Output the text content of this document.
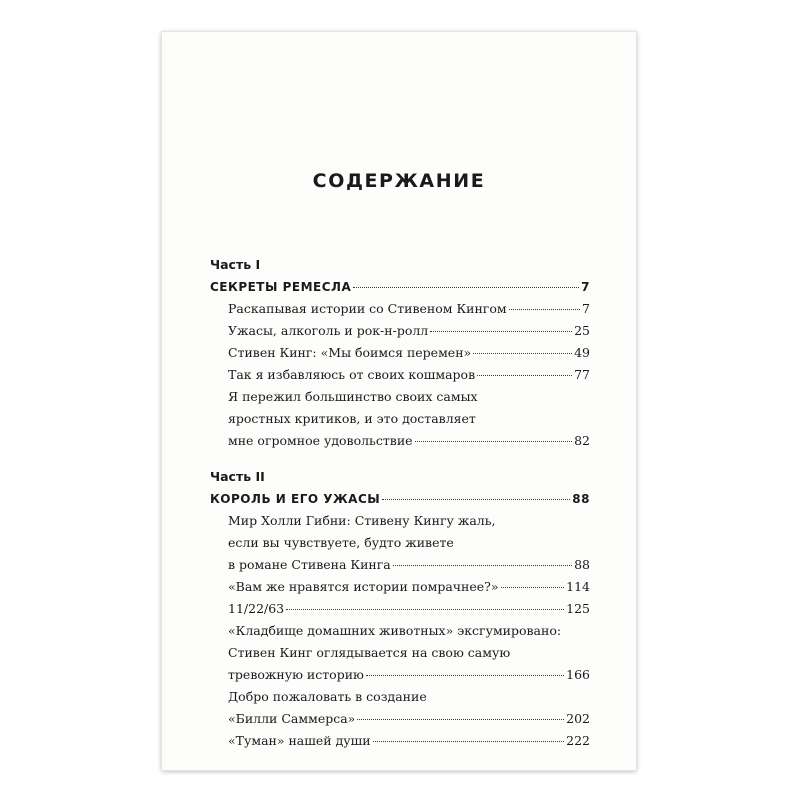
СОДЕРЖАНИЕ
Часть I
СЕКРЕТЫ РЕМЕСЛА	7
Раскапывая истории со Стивеном Кингом	7
Ужасы, алкоголь и рок-н-ролл	25
Стивен Кинг: «Мы боимся перемен»	49
Так я избавляюсь от своих кошмаров	77
Я пережил большинство своих самых
яростных критиков, и это доставляет
мне огромное удовольствие	82
Часть II
КОРОЛЬ И ЕГО УЖАСЫ	88
Мир Холли Гибни: Стивену Кингу жаль,
если вы чувствуете, будто живете
в романе Стивена Кинга	88
«Вам же нравятся истории помрачнее?»	114
11/22/63	125
«Кладбище домашних животных» эксгумировано:
Стивен Кинг оглядывается на свою самую
тревожную историю	166
Добро пожаловать в создание
«Билли Саммерса»	202
«Туман» нашей души	222
